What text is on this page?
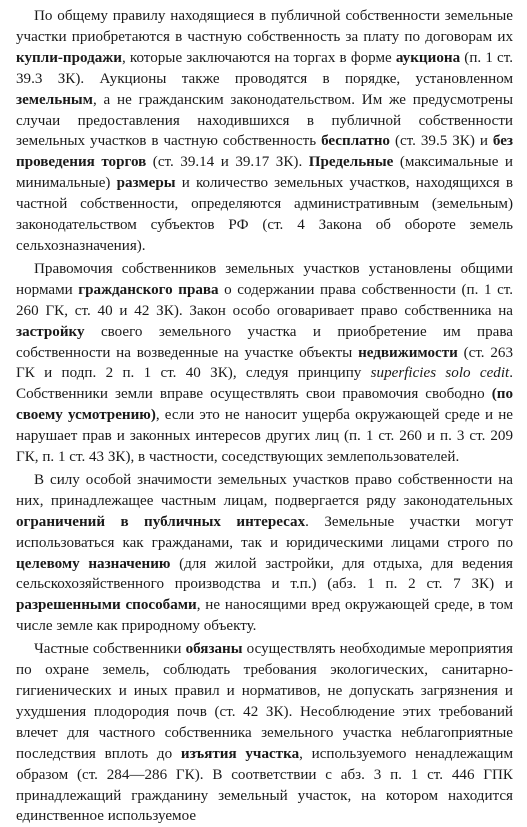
По общему правилу находящиеся в публичной собственности земельные участки приобретаются в частную собственность за плату по договорам их купли-продажи, которые заключаются на торгах в форме аукциона (п. 1 ст. 39.3 ЗК). Аукционы также проводятся в порядке, установленном земельным, а не гражданским законодательством. Им же предусмотрены случаи предоставления находившихся в публичной собственности земельных участков в частную собственность бесплатно (ст. 39.5 ЗК) и без проведения торгов (ст. 39.14 и 39.17 ЗК). Предельные (максимальные и минимальные) размеры и количество земельных участков, находящихся в частной собственности, определяются административным (земельным) законодательством субъектов РФ (ст. 4 Закона об обороте земель сельхозназначения).

Правомочия собственников земельных участков установлены общими нормами гражданского права о содержании права собственности (п. 1 ст. 260 ГК, ст. 40 и 42 ЗК). Закон особо оговаривает право собственника на застройку своего земельного участка и приобретение им права собственности на возведенные на участке объекты недвижимости (ст. 263 ГК и подп. 2 п. 1 ст. 40 ЗК), следуя принципу superficies solo cedit. Собственники земли вправе осуществлять свои правомочия свободно (по своему усмотрению), если это не наносит ущерба окружающей среде и не нарушает прав и законных интересов других лиц (п. 1 ст. 260 и п. 3 ст. 209 ГК, п. 1 ст. 43 ЗК), в частности, соседствующих землепользователей.

В силу особой значимости земельных участков право собственности на них, принадлежащее частным лицам, подвергается ряду законодательных ограничений в публичных интересах. Земельные участки могут использоваться как гражданами, так и юридическими лицами строго по целевому назначению (для жилой застройки, для отдыха, для ведения сельскохозяйственного производства и т.п.) (абз. 1 п. 2 ст. 7 ЗК) и разрешенными способами, не наносящими вред окружающей среде, в том числе земле как природному объекту.

Частные собственники обязаны осуществлять необходимые мероприятия по охране земель, соблюдать требования экологических, санитарно-гигиенических и иных правил и нормативов, не допускать загрязнения и ухудшения плодородия почв (ст. 42 ЗК). Несоблюдение этих требований влечет для частного собственника земельного участка неблагоприятные последствия вплоть до изъятия участка, используемого ненадлежащим образом (ст. 284—286 ГК). В соответствии с абз. 3 п. 1 ст. 446 ГПК принадлежащий гражданину земельный участок, на котором находится единственное используемое
